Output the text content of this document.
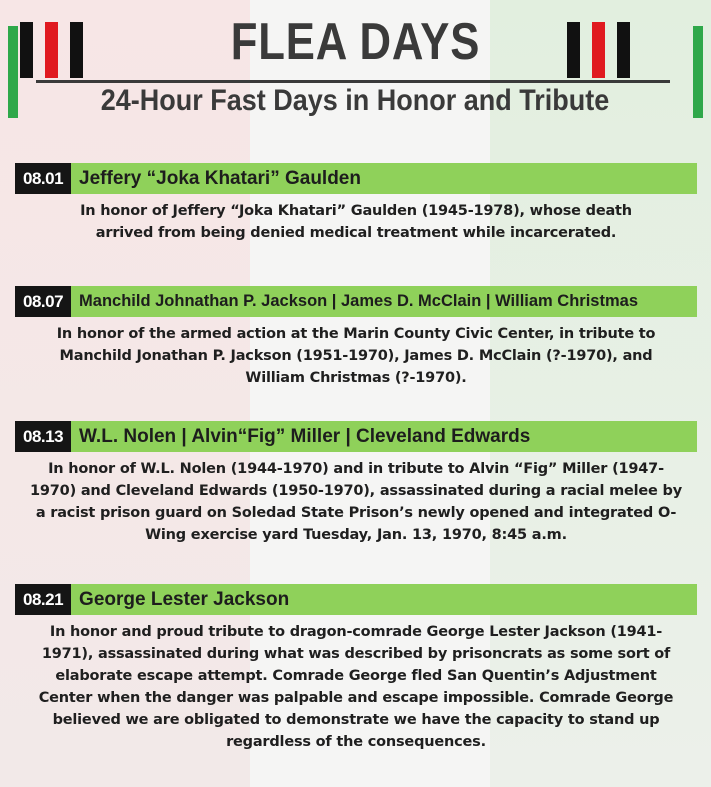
FLEA DAYS
24-Hour Fast Days in Honor and Tribute
08.01 Jeffery “Joka Khatari” Gaulden
In honor of Jeffery “Joka Khatari” Gaulden (1945-1978), whose death arrived from being denied medical treatment while incarcerated.
08.07 Manchild Johnathan P. Jackson | James D. McClain | William Christmas
In honor of the armed action at the Marin County Civic Center, in tribute to Manchild Jonathan P. Jackson (1951-1970), James D. McClain (?-1970), and William Christmas (?-1970).
08.13 W.L. Nolen | Alvin“Fig” Miller | Cleveland Edwards
In honor of W.L. Nolen (1944-1970) and in tribute to Alvin “Fig” Miller (1947-1970) and Cleveland Edwards (1950-1970), assassinated during a racial melee by a racist prison guard on Soledad State Prison’s newly opened and integrated O-Wing exercise yard Tuesday, Jan. 13, 1970, 8:45 a.m.
08.21 George Lester Jackson
In honor and proud tribute to dragon-comrade George Lester Jackson (1941-1971), assassinated during what was described by prisoncrats as some sort of elaborate escape attempt. Comrade George fled San Quentin’s Adjustment Center when the danger was palpable and escape impossible. Comrade George believed we are obligated to demonstrate we have the capacity to stand up regardless of the consequences.
